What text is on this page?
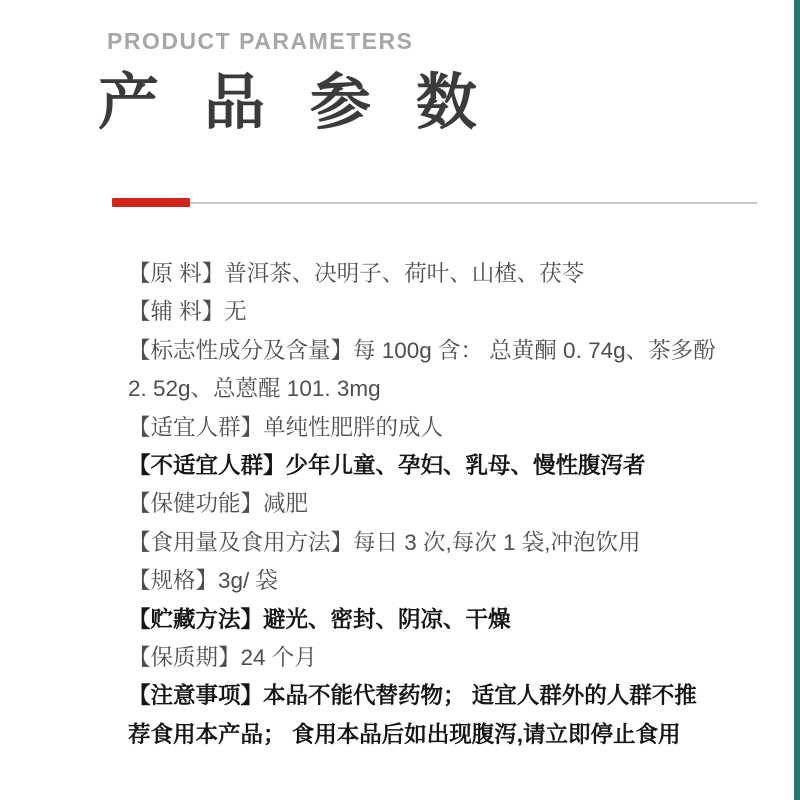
PRODUCT PARAMETERS
产 品 参 数
【原 料】普洱茶、决明子、荷叶、山楂、茯苓
【辅 料】无
【标志性成分及含量】每 100g 含： 总黄酮 0. 74g、茶多酚
2. 52g、总蒽醌 101. 3mg
【适宜人群】单纯性肥胖的成人
【不适宜人群】少年儿童、孕妇、乳母、慢性腹泻者
【保健功能】减肥
【食用量及食用方法】每日 3 次,每次 1 袋,冲泡饮用
【规格】3g/ 袋
【贮藏方法】避光、密封、阴凉、干燥
【保质期】24 个月
【注意事项】本品不能代替药物； 适宜人群外的人群不推
荐食用本产品； 食用本品后如出现腹泻,请立即停止食用
